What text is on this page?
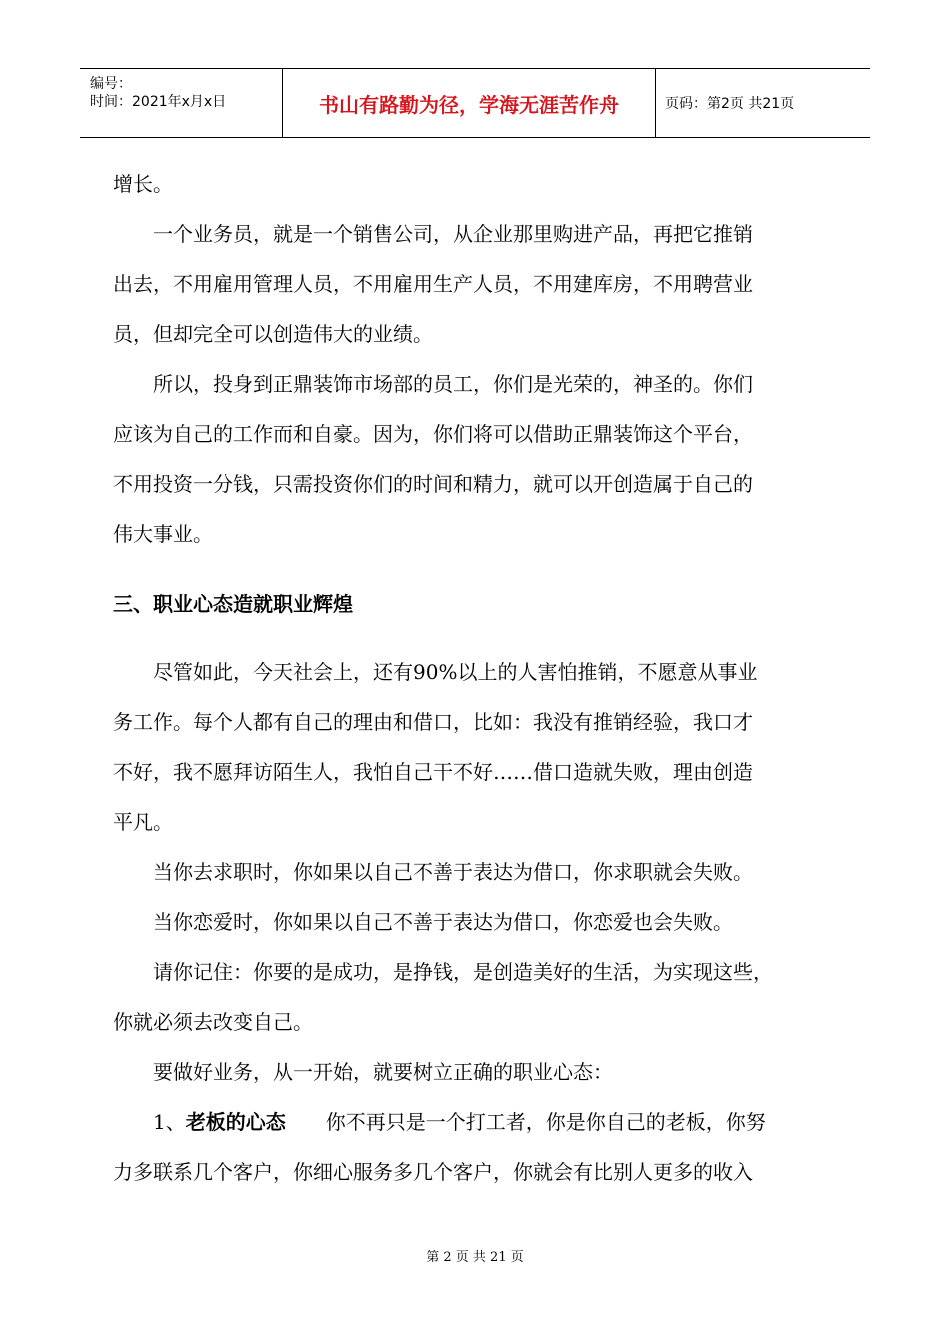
编号：
时间：2021年x月x日	书山有路勤为径，学海无涯苦作舟	页码：第2页 共21页
增长。
　　一个业务员，就是一个销售公司，从企业那里购进产品，再把它推销
出去，不用雇用管理人员，不用雇用生产人员，不用建库房，不用聘营业
员，但却完全可以创造伟大的业绩。
　　所以，投身到正鼎装饰市场部的员工，你们是光荣的，神圣的。你们
应该为自己的工作而和自豪。因为，你们将可以借助正鼎装饰这个平台，
不用投资一分钱，只需投资你们的时间和精力，就可以开创造属于自己的
伟大事业。
三、职业心态造就职业辉煌
　　尽管如此，今天社会上，还有90%以上的人害怕推销，不愿意从事业
务工作。每个人都有自己的理由和借口，比如：我没有推销经验，我口才
不好，我不愿拜访陌生人，我怕自己干不好……借口造就失败，理由创造
平凡。
　　当你去求职时，你如果以自己不善于表达为借口，你求职就会失败。
　　当你恋爱时，你如果以自己不善于表达为借口，你恋爱也会失败。
　　请你记住：你要的是成功，是挣钱，是创造美好的生活，为实现这些，
你就必须去改变自己。
　　要做好业务，从一开始，就要树立正确的职业心态：
1、老板的心态　　你不再只是一个打工者，你是你自己的老板，你努
力多联系几个客户，你细心服务多几个客户，你就会有比别人更多的收入
第 2 页 共 21 页
